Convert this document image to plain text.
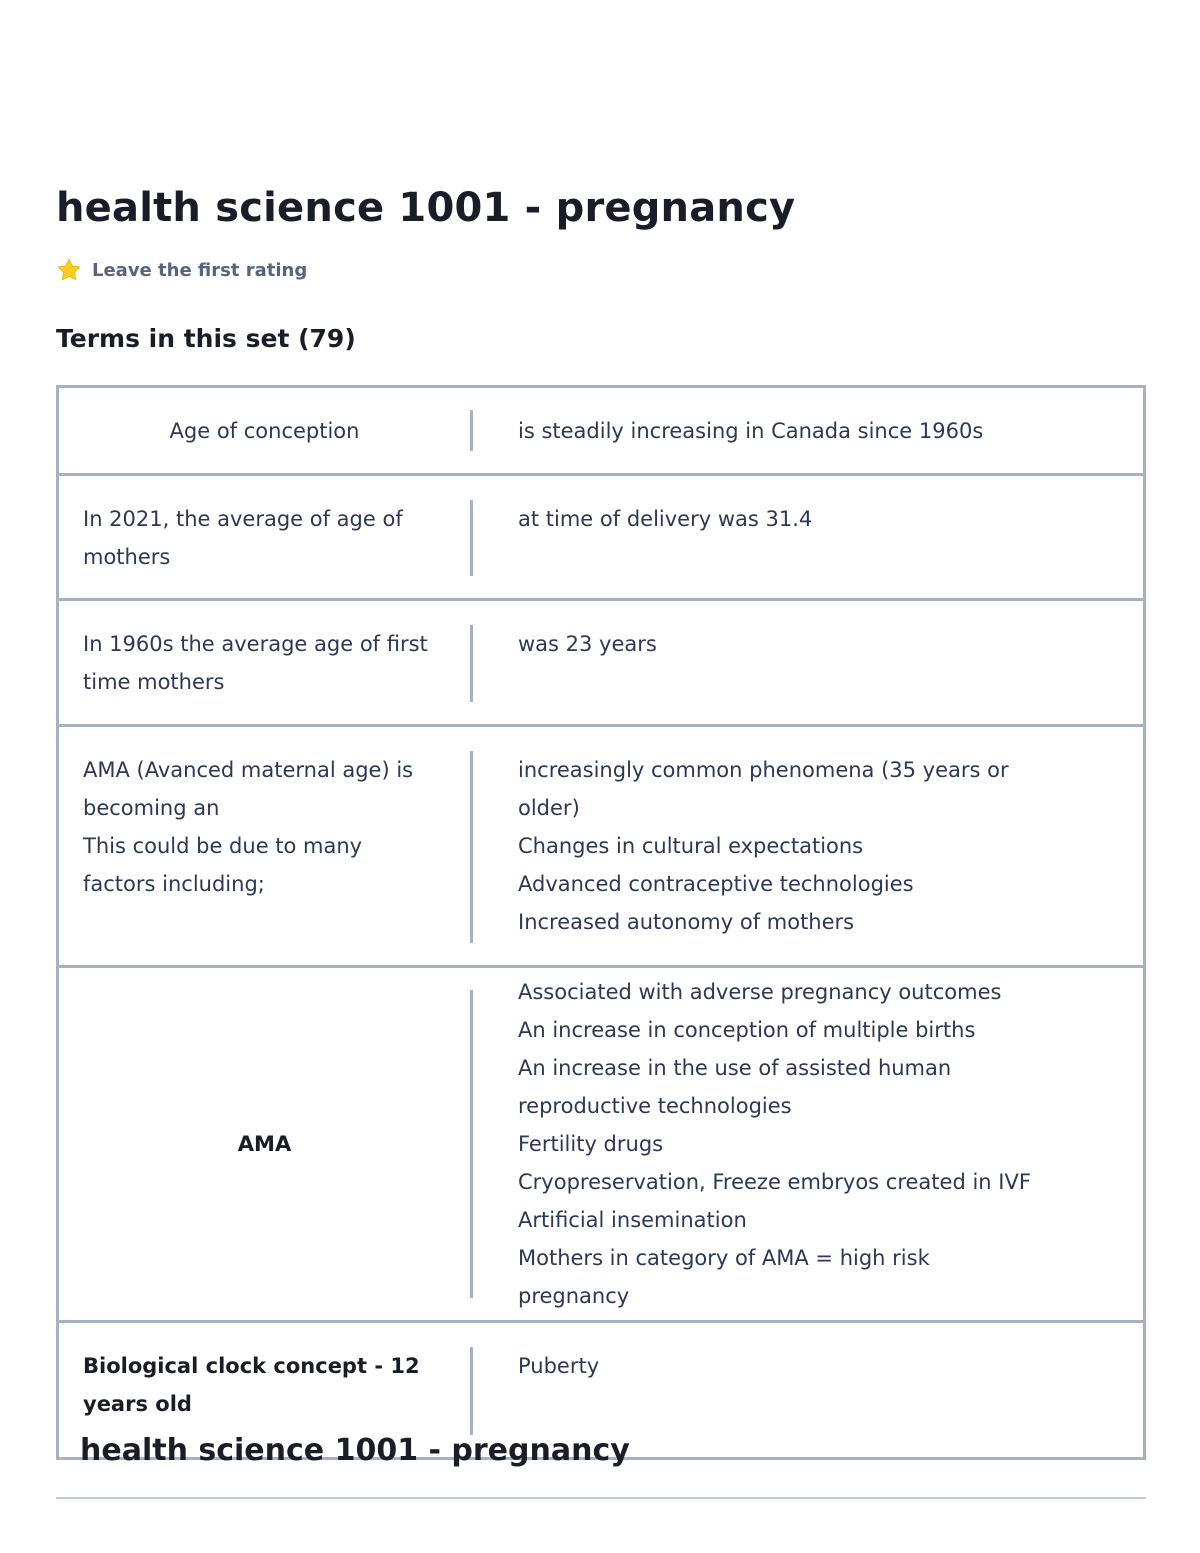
health science 1001 - pregnancy
Leave the first rating
Terms in this set (79)
Age of conception	is steadily increasing in Canada since 1960s
In 2021, the average of age of mothers
at time of delivery was 31.4
In 1960s the average age of first time mothers
was 23 years
AMA (Avanced maternal age) is becoming an
This could be due to many factors including;
increasingly common phenomena (35 years or older)
Changes in cultural expectations
Advanced contraceptive technologies
Increased autonomy of mothers
AMA
Associated with adverse pregnancy outcomes
An increase in conception of multiple births
An increase in the use of assisted human reproductive technologies
Fertility drugs
Cryopreservation, Freeze embryos created in IVF
Artificial insemination
Mothers in category of AMA = high risk pregnancy
Biological clock concept - 12 years old
Puberty
health science 1001 - pregnancy
